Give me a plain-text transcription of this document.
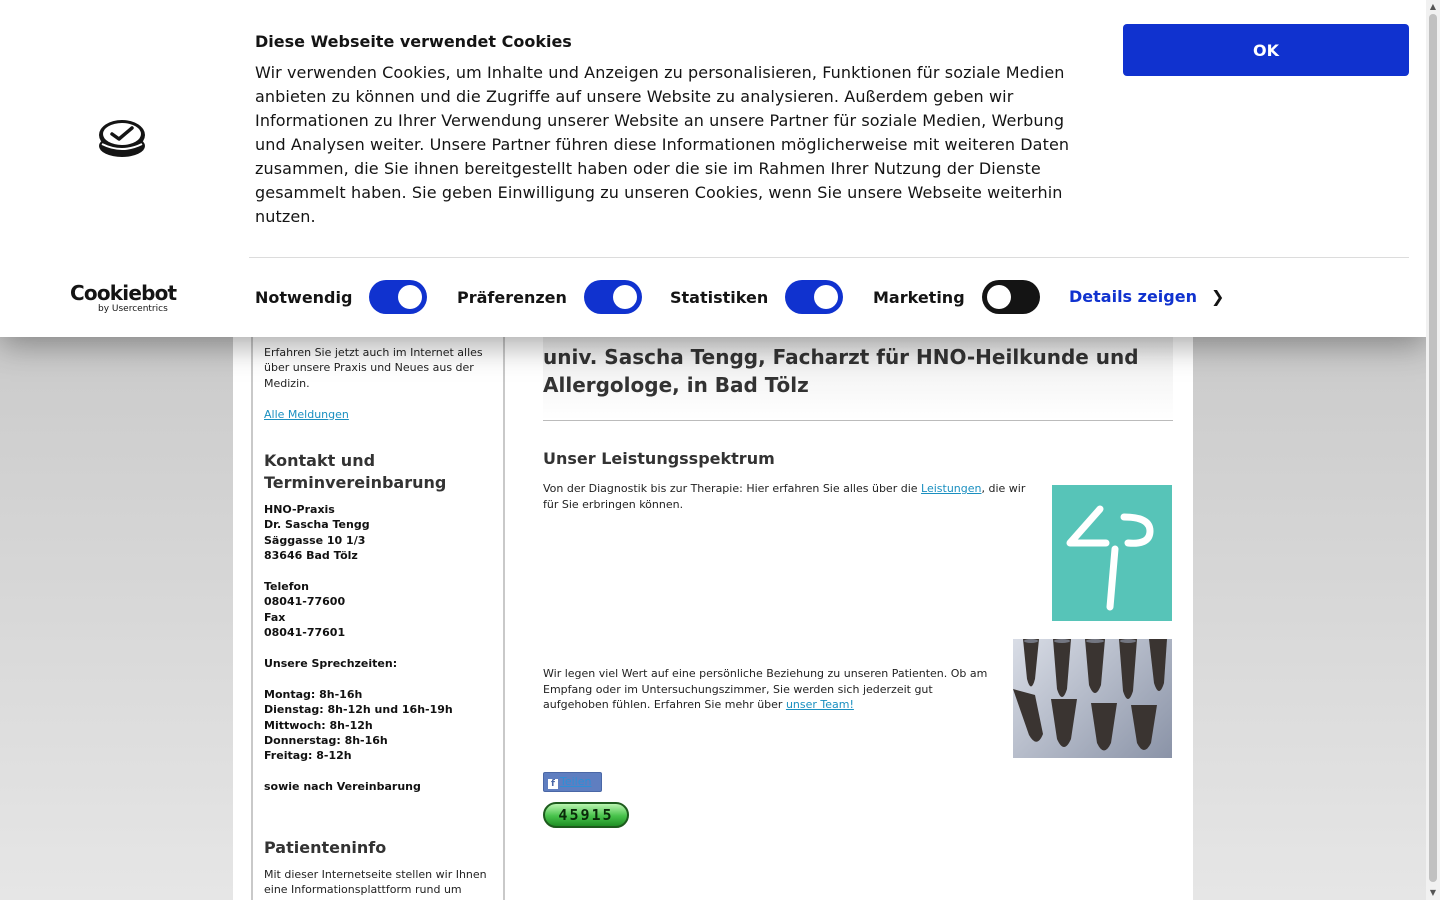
Erfahren Sie jetzt auch im Internet alles über unsere Praxis und Neues aus der Medizin.

Alle Meldungen

Kontakt und Terminvereinbarung

HNO-Praxis

Dr. Sascha Tengg

Säggasse 10 1/3

83646 Bad Tölz

Telefon

08041-77600

Fax

08041-77601

Unsere Sprechzeiten:

Montag: 8h-16h

Dienstag: 8h-12h und 16h-19h

Mittwoch: 8h-12h

Donnerstag: 8h-16h

Freitag: 8-12h

sowie nach Vereinbarung

Patienteninfo

Mit dieser Internetseite stellen wir Ihnen eine Informationsplattform rund um

univ. Sascha Tengg, Facharzt für HNO-Heilkunde und Allergologe, in Bad Tölz
Unser Leistungsspektrum

Von der Diagnostik bis zur Therapie: Hier erfahren Sie alles über die Leistungen, die wir für Sie erbringen können.

Wir legen viel Wert auf eine persönliche Beziehung zu unseren Patienten. Ob am Empfang oder im Untersuchungszimmer, Sie werden sich jederzeit gut aufgehoben fühlen. Erfahren Sie mehr über unser Team!

f Teilen
45915
Diese Webseite verwendet Cookies
Wir verwenden Cookies, um Inhalte und Anzeigen zu personalisieren, Funktionen für soziale Medien anbieten zu können und die Zugriffe auf unsere Website zu analysieren. Außerdem geben wir Informationen zu Ihrer Verwendung unserer Website an unsere Partner für soziale Medien, Werbung und Analysen weiter. Unsere Partner führen diese Informationen möglicherweise mit weiteren Daten zusammen, die Sie ihnen bereitgestellt haben oder die sie im Rahmen Ihrer Nutzung der Dienste gesammelt haben. Sie geben Einwilligung zu unseren Cookies, wenn Sie unsere Webseite weiterhin nutzen.
OK
Cookiebot
by Usercentrics
Notwendig	Präferenzen	Statistiken	Marketing	Details zeigen ❯
▲
▼
